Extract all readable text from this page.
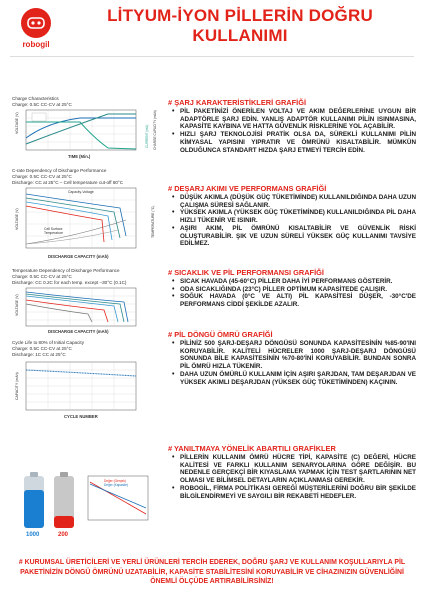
robogil
LİTYUM-İYON PİLLERİN DOĞRU
KULLANIMI
Charge Characteristics
Charge: 0.5C CC-CV at 25°C
VOLTAGE (V)
TIME (Min.)
CURRENT (mA) CHARGE CAPACITY (mAh)
C-rate Dependency of Discharge Performance
Charge: 0.5C CC-CV at 25°C
Discharge: CC at 25°C – Cell temperature cut-off 80°C
Capacity-Voltage
Cell Surface
Temperature
VOLTAGE (V)
DISCHARGE CAPACITY (mAh)
TEMPERATURE (°C)
Temperature Dependency of Discharge Performance
Charge: 0.5C CC-CV at 25°C
Discharge: CC 0.2C for each temp. except –30°C (0.1C)
VOLTAGE (V)
DISCHARGE CAPACITY (mAh)
Cycle Life to 80% of Initial Capacity
Charge: 0.5C CC-CV at 25°C
Discharge: 1C CC at 25°C
CAPACITY (mAh)
CYCLE NUMBER
1000	200
Değer (Gerçek)
Değer (Kapasite)
# ŞARJ KARAKTERİSTİKLERİ GRAFİĞİ
• PİL PAKETİNİZİ ÖNERİLEN VOLTAJ VE AKIM DEĞERLERİNE UYGUN BİR ADAPTÖRLE ŞARJ EDİN. YANLIŞ ADAPTÖR KULLANIMI PİLİN ISINMASINA, KAPASİTE KAYBINA VE HATTA GÜVENLİK RİSKLERİNE YOL AÇABİLİR.
• HIZLI ŞARJ TEKNOLOJİSİ PRATİK OLSA DA, SÜREKLİ KULLANIMI PİLİN KİMYASAL YAPISINI YIPRATIR VE ÖMRÜNÜ KISALTABİLİR. MÜMKÜN OLDUĞUNCA STANDART HIZDA ŞARJ ETMEYİ TERCİH EDİN.
# DEŞARJ AKIMI VE PERFORMANS GRAFİĞİ
• DÜŞÜK AKIMLA (DÜŞÜK GÜÇ TÜKETİMİNDE) KULLANILDIĞINDA DAHA UZUN ÇALIŞMA SÜRESİ SAĞLANIR.
• YÜKSEK AKIMLA (YÜKSEK GÜÇ TÜKETİMİNDE) KULLANILDIĞINDA PİL DAHA HIZLI TÜKENİR VE ISINIR.
• AŞIRI AKIM, PİL ÖMRÜNÜ KISALTABİLİR VE GÜVENLİK RİSKİ OLUŞTURABİLİR. ŞIK VE UZUN SÜRELİ YÜKSEK GÜÇ KULLANIMI TAVSİYE EDİLMEZ.
# SICAKLIK VE PİL PERFORMANSI GRAFİĞİ
• SICAK HAVADA (45-60°C) PİLLER DAHA İYİ PERFORMANS GÖSTERİR.
• ODA SICAKLIĞINDA (23°C) PİLLER OPTİMUM KAPASİTEDE ÇALIŞIR.
• SOĞUK HAVADA (0°C VE ALTI) PİL KAPASİTESİ DÜŞER, -30°C'DE PERFORMANS CİDDİ ŞEKİLDE AZALIR.
# PİL DÖNGÜ ÖMRÜ GRAFİĞİ
• PİLİNİZ 500 ŞARJ-DEŞARJ DÖNGÜSÜ SONUNDA KAPASİTESİNİN %85-90'INI KORUYABİLİR. KALİTELİ HÜCRELER 1000 ŞARJ-DEŞARJ DÖNGÜSÜ SONUNDA BİLE KAPASİTESİNİN %70-80'İNİ KORUYABİLİR. BUNDAN SONRA PİL ÖMRÜ HIZLA TÜKENİR.
• DAHA UZUN ÖMÜRLÜ KULLANIM İÇİN AŞIRI ŞARJDAN, TAM DEŞARJDAN VE YÜKSEK AKIMLI DEŞARJDAN (YÜKSEK GÜÇ TÜKETİMİNDEN) KAÇININ.
# YANILTMAYA YÖNELİK ABARTILI GRAFİKLER
• PİLLERİN KULLANIM ÖMRÜ HÜCRE TİPİ, KAPASİTE (C) DEĞERİ, HÜCRE KALİTESİ VE FARKLI KULLANIM SENARYOLARINA GÖRE DEĞİŞİR. BU NEDENLE GERÇEKÇİ BİR KIYASLAMA YAPMAK İÇİN TEST ŞARTLARININ NET OLMASI VE BİLİMSEL DETAYLARIN AÇIKLANMASI GEREKİR.
• ROBOGİL, FİRMA POLİTİKASI GEREĞİ MÜŞTERİLERİNİ DOĞRU BİR ŞEKİLDE BİLGİLENDİRMEYİ VE SAYGILI BİR REKABETİ HEDEFLER.
# KURUMSAL ÜRETİCİLERİ VE YERLİ ÜRÜNLERİ TERCİH EDEREK, DOĞRU ŞARJ VE KULLANIM KOŞULLARIYLA PİL PAKETİNİZİN DÖNGÜ ÖMRÜNÜ UZATABİLİR, KAPASİTE STABİLİTESİNİ KORUYABİLİR VE CİHAZINIZIN GÜVENLİĞİNİ ÖNEMLİ ÖLÇÜDE ARTIRABİLİRSİNİZ!
